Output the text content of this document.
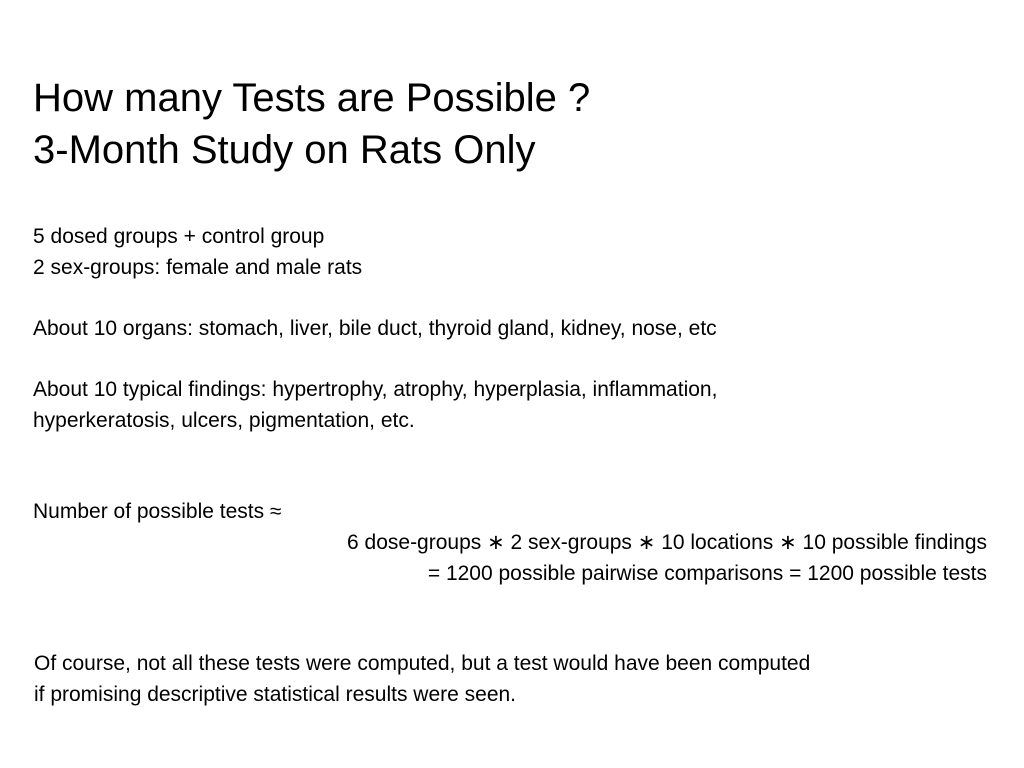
How many Tests are Possible ?
3-Month Study on Rats Only

5 dosed groups + control group
2 sex-groups: female and male rats

About 10 organs: stomach, liver, bile duct, thyroid gland, kidney, nose, etc

About 10 typical findings: hypertrophy, atrophy, hyperplasia, inflammation,
hyperkeratosis, ulcers, pigmentation, etc.

Number of possible tests ≈

6 dose-groups ∗ 2 sex-groups ∗ 10 locations ∗ 10 possible findings

= 1200 possible pairwise comparisons = 1200 possible tests

Of course, not all these tests were computed, but a test would have been computed
if promising descriptive statistical results were seen.
